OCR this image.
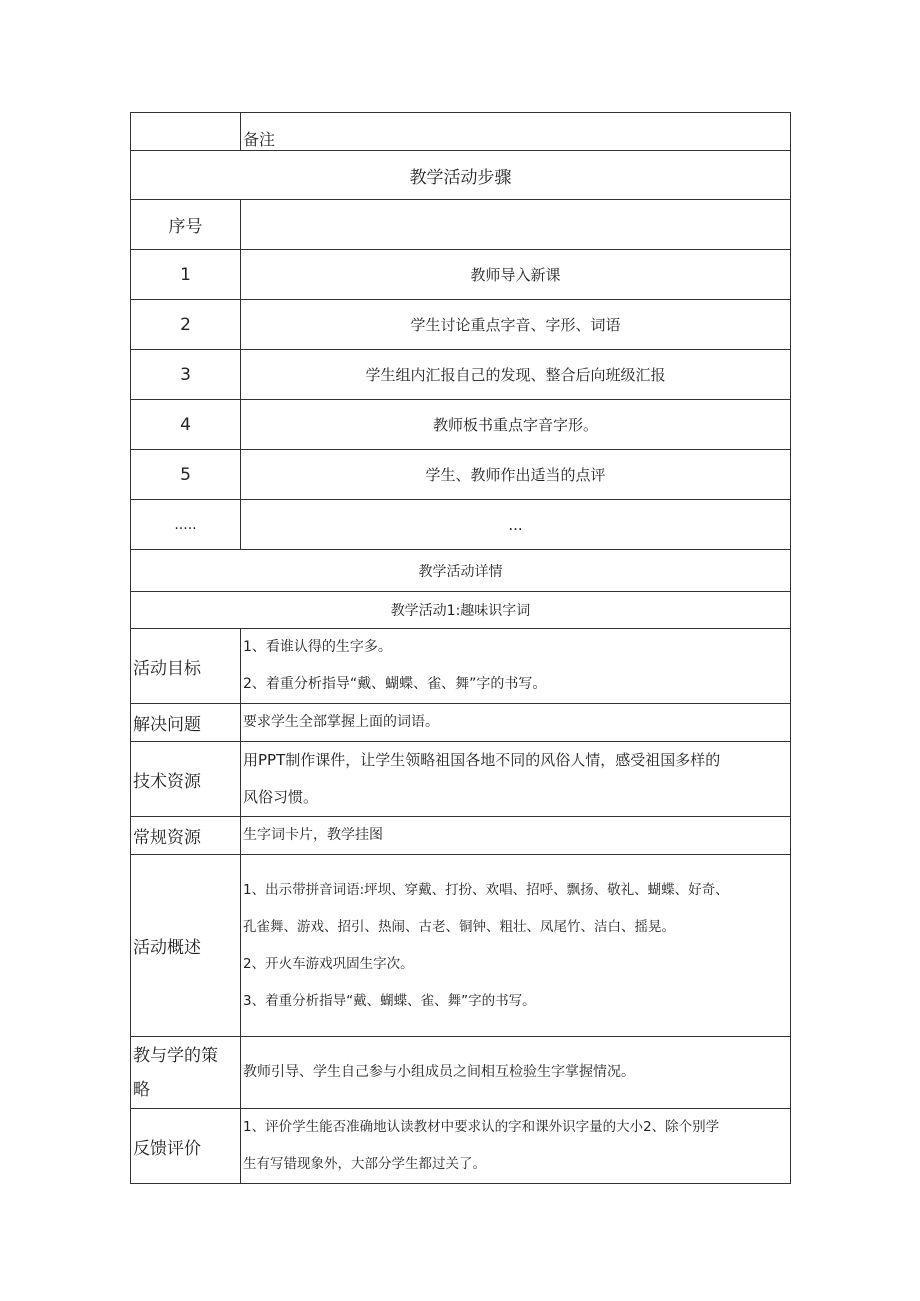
	备注
教学活动步骤	
序号	
1	教师导入新课
2	学生讨论重点字音、字形、词语
3	学生组内汇报自己的发现、整合后向班级汇报
4	教师板书重点字音字形。
5	学生、教师作出适当的点评
.....	...
教学活动详情	
教学活动1:趣味识字词	
活动目标	1、看谁认得的生字多。

2、着重分析指导“戴、蝴蝶、雀、舞”字的书写。

解决问题	要求学生全部掌握上面的词语。
技术资源	用PPT制作课件，让学生领略祖国各地不同的风俗人情，感受祖国多样的

风俗习惯。

常规资源	生字词卡片，教学挂图
活动概述	1、出示带拼音词语:坪坝、穿戴、打扮、欢唱、招呼、飘扬、敬礼、蝴蝶、好奇、

孔雀舞、游戏、招引、热闹、古老、铜钟、粗壮、凤尾竹、洁白、摇晃。

2、开火车游戏巩固生字次。

3、着重分析指导“戴、蝴蝶、雀、舞”字的书写。

教与学的策

略	教师引导、学生自己参与小组成员之间相互检验生字掌握情况。
反馈评价	1、评价学生能否准确地认读教材中要求认的字和课外识字量的大小2、除个别学

生有写错现象外，大部分学生都过关了。
